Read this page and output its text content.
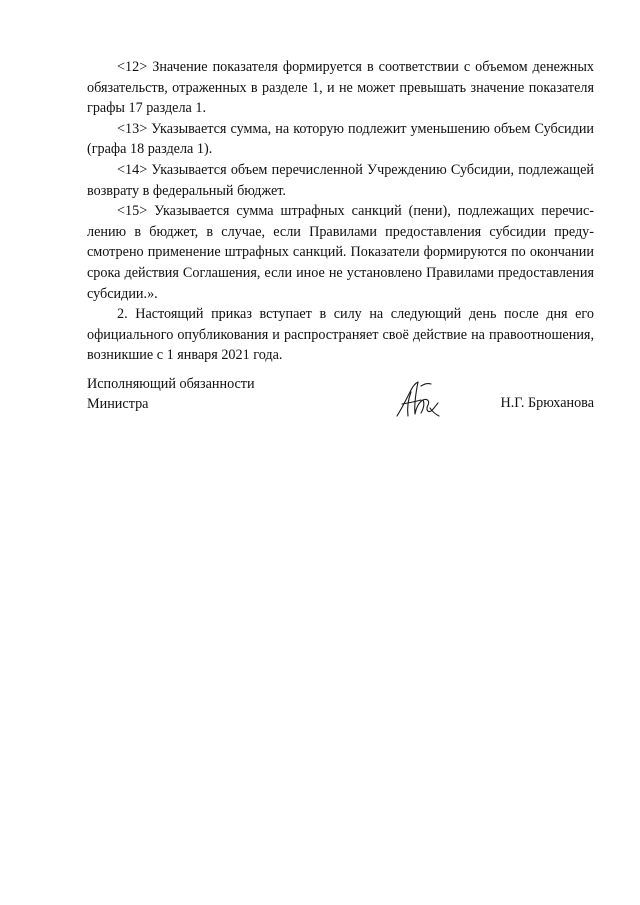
<12> Значение показателя формируется в соответствии с объемом денежных обязательств, отраженных в разделе 1, и не может превышать значение показателя графы 17 раздела 1.

<13> Указывается сумма, на которую подлежит уменьшению объем Субсидии (графа 18 раздела 1).

<14> Указывается объем перечисленной Учреждению Субсидии, подлежащей возврату в федеральный бюджет.

<15> Указывается сумма штрафных санкций (пени), подлежащих перечислению в бюджет, в случае, если Правилами предоставления субсидии предусмотрено применение штрафных санкций. Показатели формируются по окончании срока действия Соглашения, если иное не установлено Правилами предоставления субсидии.».

2. Настоящий приказ вступает в силу на следующий день после дня его официального опубликования и распространяет своё действие на правоотношения, возникшие с 1 января 2021 года.

Исполняющий обязанности
Министра	Н.Г. Брюханова
